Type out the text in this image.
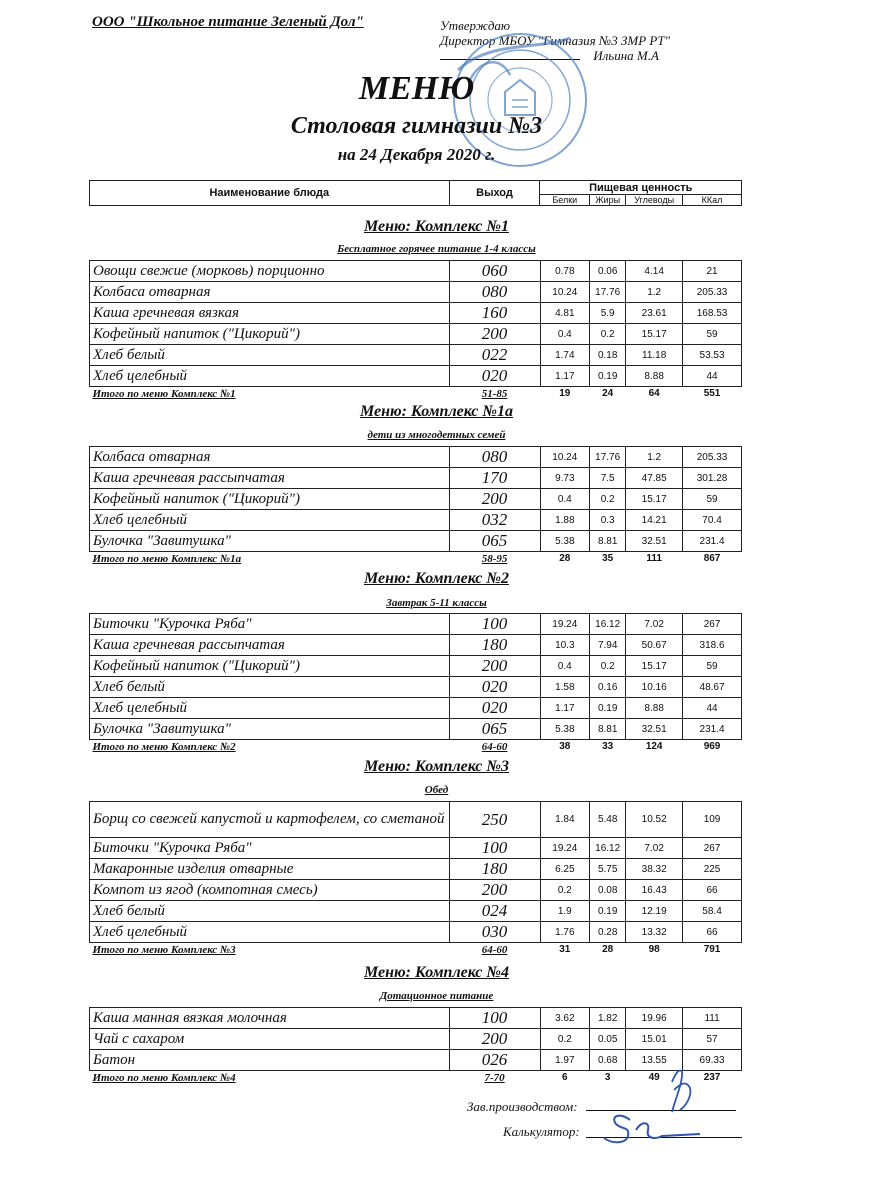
ООО "Школьное питание Зеленый Дол"	Утверждаю
Директор МБОУ "Гимназия №3 ЗМР РТ"
Ильина М.А
МЕНЮ
Столовая гимназии №3
на 24 Декабря 2020 г.
Наименование блюда	Выход	Пищевая ценность			
		Белки	Жиры	Углеводы	ККал
Меню: Комплекс №1
Бесплатное горячее питание 1-4 классы
Овощи свежие (морковь) порционно	060	0.78	0.06	4.14	21
Колбаса отварная	080	10.24	17.76	1.2	205.33
Каша гречневая вязкая	160	4.81	5.9	23.61	168.53
Кофейный напиток ("Цикорий")	200	0.4	0.2	15.17	59
Хлеб белый	022	1.74	0.18	11.18	53.53
Хлеб целебный	020	1.17	0.19	8.88	44
Итого по меню Комплекс №1	51-85	19	24	64	551
Меню: Комплекс №1а
дети из многодетных семей
Колбаса отварная	080	10.24	17.76	1.2	205.33
Каша гречневая рассыпчатая	170	9.73	7.5	47.85	301.28
Кофейный напиток ("Цикорий")	200	0.4	0.2	15.17	59
Хлеб целебный	032	1.88	0.3	14.21	70.4
Булочка "Завитушка"	065	5.38	8.81	32.51	231.4
Итого по меню Комплекс №1а	58-95	28	35	111	867
Меню: Комплекс №2
Завтрак 5-11 классы
Биточки "Курочка Ряба"	100	19.24	16.12	7.02	267
Каша гречневая рассыпчатая	180	10.3	7.94	50.67	318.6
Кофейный напиток ("Цикорий")	200	0.4	0.2	15.17	59
Хлеб белый	020	1.58	0.16	10.16	48.67
Хлеб целебный	020	1.17	0.19	8.88	44
Булочка "Завитушка"	065	5.38	8.81	32.51	231.4
Итого по меню Комплекс №2	64-60	38	33	124	969
Меню: Комплекс №3
Обед
Борщ со свежей капустой и картофелем, со сметаной	250	1.84	5.48	10.52	109
Биточки "Курочка Ряба"	100	19.24	16.12	7.02	267
Макаронные изделия отварные	180	6.25	5.75	38.32	225
Компот из ягод (компотная смесь)	200	0.2	0.08	16.43	66
Хлеб белый	024	1.9	0.19	12.19	58.4
Хлеб целебный	030	1.76	0.28	13.32	66
Итого по меню Комплекс №3	64-60	31	28	98	791
Меню: Комплекс №4
Дотационное питание
Каша манная вязкая молочная	100	3.62	1.82	19.96	111
Чай с сахаром	200	0.2	0.05	15.01	57
Батон	026	1.97	0.68	13.55	69.33
Итого по меню Комплекс №4	7-70	6	3	49	237
Зав.производством:
Калькулятор:
